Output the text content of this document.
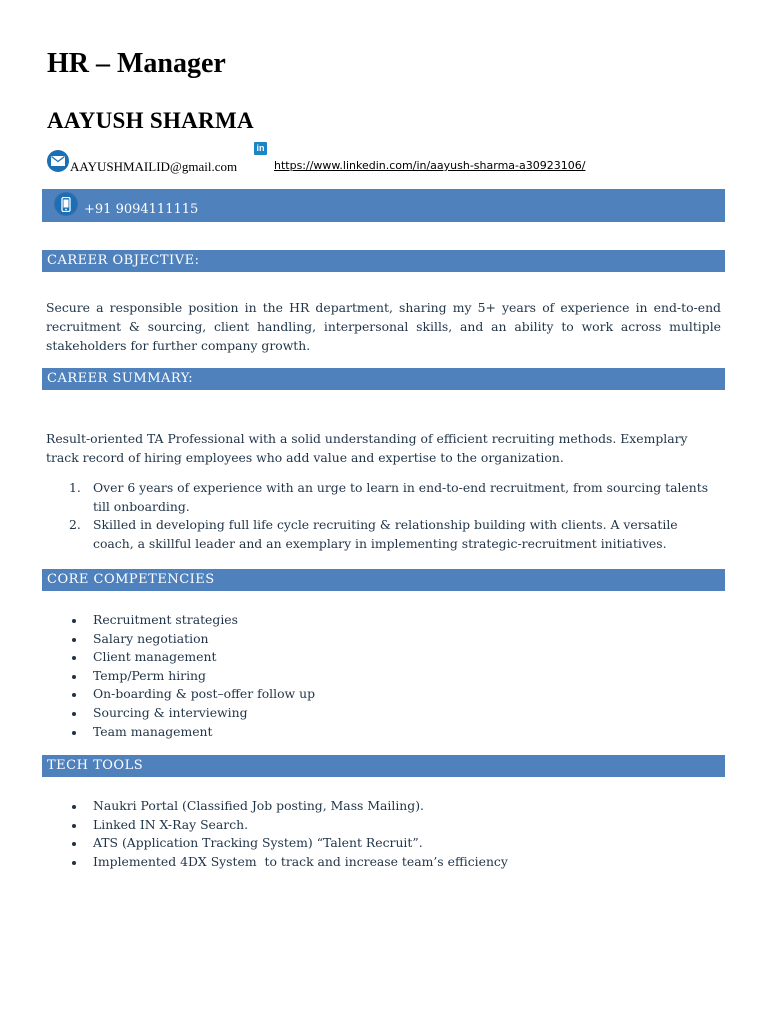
HR – Manager
AAYUSH SHARMA
AAYUSHMAILID@gmail.com
in
https://www.linkedin.com/in/aayush-sharma-a30923106/
+91 9094111115
CAREER OBJECTIVE:

Secure a responsible position in the HR department, sharing my 5+ years of experience in end-to-end recruitment & sourcing, client handling, interpersonal skills, and an ability to work across multiple stakeholders for further company growth.

CAREER SUMMARY:

Result-oriented TA Professional with a solid understanding of efficient recruiting methods. Exemplary track record of hiring employees who add value and expertise to the organization.

1. Over 6 years of experience with an urge to learn in end-to-end recruitment, from sourcing talents till onboarding.
2. Skilled in developing full life cycle recruiting & relationship building with clients. A versatile coach, a skillful leader and an exemplary in implementing strategic-recruitment initiatives.
CORE COMPETENCIES
Recruitment strategies
Salary negotiation
Client management
Temp/Perm hiring
On-boarding & post–offer follow up
Sourcing & interviewing
Team management
TECH TOOLS
Naukri Portal (Classified Job posting, Mass Mailing).
Linked IN X-Ray Search.
ATS (Application Tracking System) “Talent Recruit”.
Implemented 4DX System  to track and increase team’s efficiency
